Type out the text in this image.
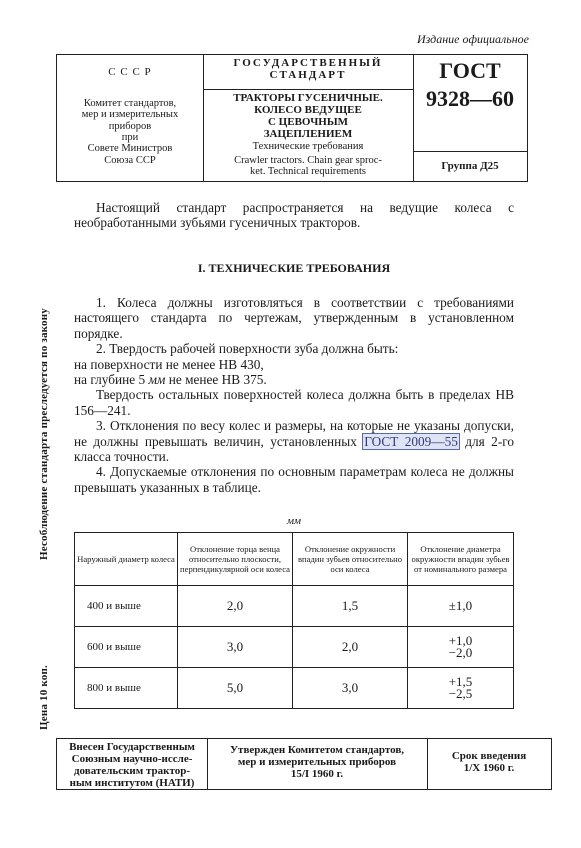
Издание официальное
Несоблюдение стандарта преследуется по закону
Цена 10 коп.
С С С Р
Комитет стандартов,
мер и измерительных
приборов
при
Совете Министров
Союза ССР
ГОСУДАРСТВЕННЫЙ
СТАНДАРТ
ТРАКТОРЫ ГУСЕНИЧНЫЕ.
КОЛЕСО ВЕДУЩЕЕ
С ЦЕВОЧНЫМ
ЗАЦЕПЛЕНИЕМ
Технические требования
Crawler tractors. Chain gear sproc-
ket. Technical requirements
ГОСТ
9328—60
Группа Д25
Настоящий стандарт распространяется на ведущие колеса с необработанными зубьями гусеничных тракторов.
I. ТЕХНИЧЕСКИЕ ТРЕБОВАНИЯ

1. Колеса должны изготовляться в соответствии с требованиями настоящего стандарта по чертежам, утвержденным в установленном порядке.

2. Твердость рабочей поверхности зуба должна быть:

на поверхности не менее НВ 430,

на глубине 5 мм не менее НВ 375.

Твердость остальных поверхностей колеса должна быть в пределах НВ 156—241.

3. Отклонения по весу колес и размеры, на которые не указаны допуски, не должны превышать величин, установленных ГОСТ 2009—55 для 2-го класса точности.

4. Допускаемые отклонения по основным параметрам колеса не должны превышать указанных в таблице.

мм
Наружный диаметр колеса	Отклонение торца венца относительно плоскости, перпендикулярной оси колеса	Отклонение окружности впадин зубьев относительно оси колеса	Отклонение диаметра окружности впадин зубьев от номинального размера
400 и выше	2,0	1,5	±1,0

600 и выше	3,0	2,0	+1,0
−2,0

800 и выше	5,0	3,0	+1,5
−2,5
Внесен Государственным
Союзным научно-иссле-
довательским трактор-
ным институтом (НАТИ)
Утвержден Комитетом стандартов,
мер и измерительных приборов
15/I 1960 г.
Срок введения
1/X 1960 г.
